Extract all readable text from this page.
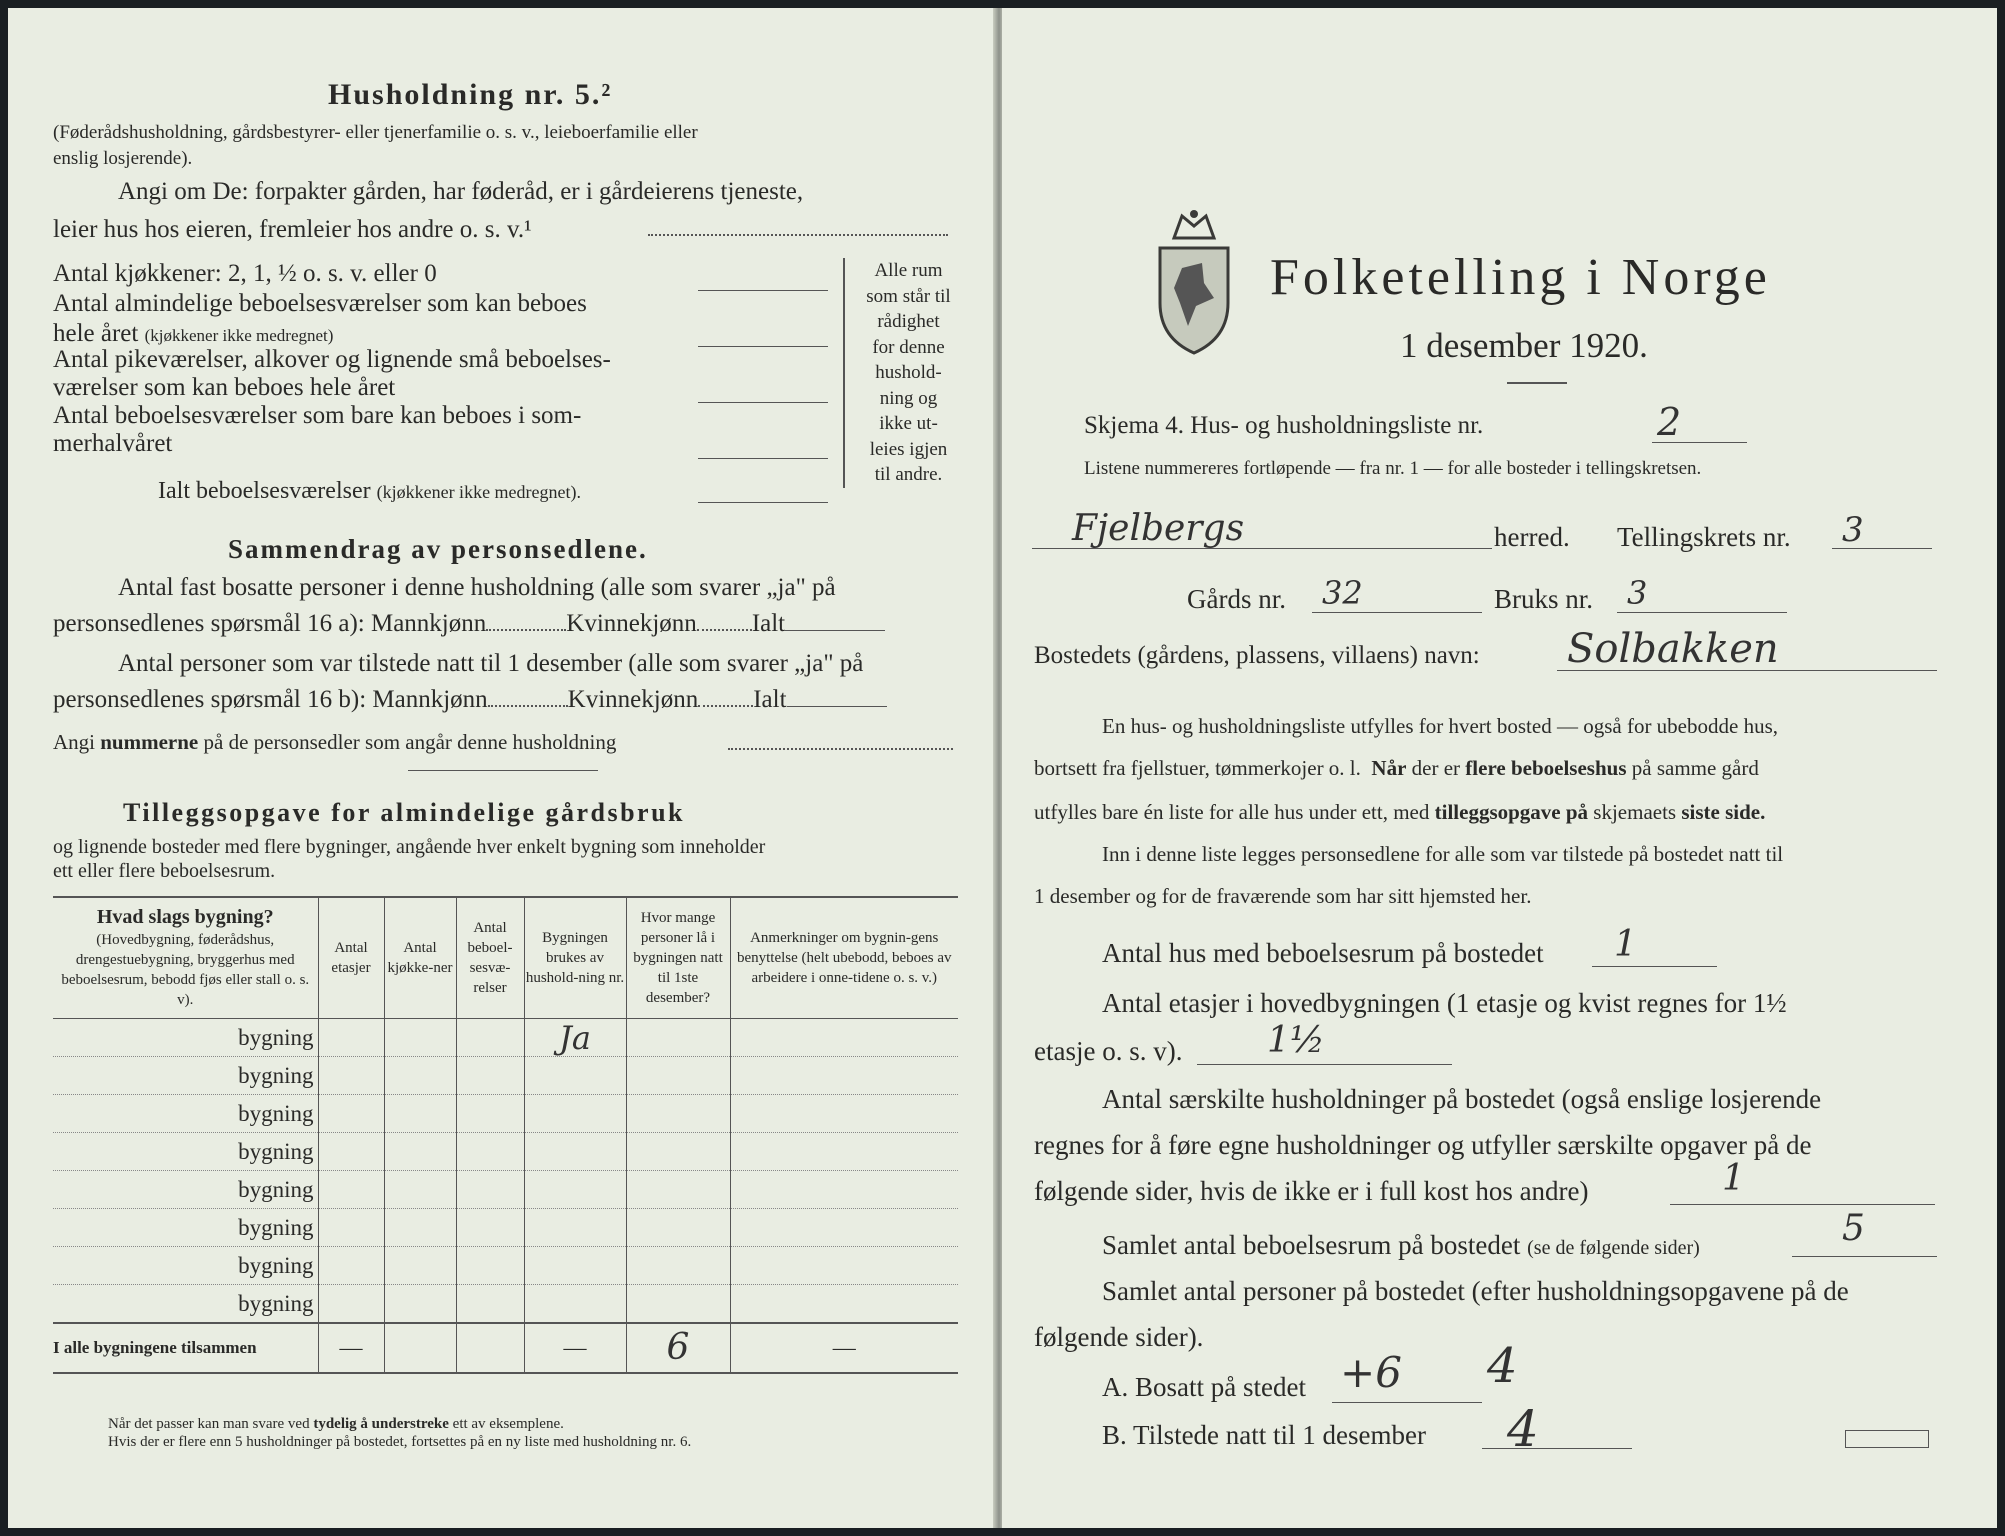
Husholdning nr. 5.²
(Føderådshusholdning, gårdsbestyrer- eller tjenerfamilie o. s. v., leieboerfamilie eller
enslig losjerende).
Angi om De: forpakter gården, har føderåd, er i gårdeierens tjeneste,
leier hus hos eieren, fremleier hos andre o. s. v.¹
Antal kjøkkener: 2, 1, ½ o. s. v. eller 0
Antal almindelige beboelsesværelser som kan beboes
hele året (kjøkkener ikke medregnet)
Antal pikeværelser, alkover og lignende små beboelses-
værelser som kan beboes hele året
Antal beboelsesværelser som bare kan beboes i som-
merhalvåret
Ialt beboelsesværelser (kjøkkener ikke medregnet).
Alle rum
som står til
rådighet
for denne
hushold-
ning og
ikke ut-
leies igjen
til andre.
Sammendrag av personsedlene.
Antal fast bosatte personer i denne husholdning (alle som svarer „ja" på
personsedlenes spørsmål 16 a): Mannkjønn	Kvinnekjønn Ialt
Antal personer som var tilstede natt til 1 desember (alle som svarer „ja" på
personsedlenes spørsmål 16 b): Mannkjønn	Kvinnekjønn Ialt
Angi nummerne på de personsedler som angår denne husholdning
Tilleggsopgave for almindelige gårdsbruk
og lignende bosteder med flere bygninger, angående hver enkelt bygning som inneholder
ett eller flere beboelsesrum.
Hvad slags bygning?
(Hovedbygning, føderådshus, drengestuebygning, bryggerhus med beboelsesrum, bebodd fjøs eller stall o. s. v).	Antal etasjer	Antal kjøkke-ner	Antal beboel-sesvæ-relser	Bygningen brukes av hushold-ning nr.	Hvor mange personer lå i bygningen natt til 1ste desember?	Anmerkninger om bygnin-gens benyttelse (helt ubebodd, beboes av arbeidere i onne-tidene o. s. v.)
bygning				Ja		
bygning						
bygning						
bygning						
bygning						
bygning						
bygning						
bygning						
I alle bygningene tilsammen	—			—	6	—
Når det passer kan man svare ved tydelig å understreke ett av eksemplene.
Hvis der er flere enn 5 husholdninger på bostedet, fortsettes på en ny liste med husholdning nr. 6.
Folketelling i Norge
1 desember 1920.
Skjema 4. Hus- og husholdningsliste nr.	2
Listene nummereres fortløpende — fra nr. 1 — for alle bosteder i tellingskretsen.
Fjelbergs	herred. Tellingskrets nr. 3
Gårds nr. 32	Bruks nr. 3
Bostedets (gårdens, plassens, villaens) navn: Solbakken
En hus- og husholdningsliste utfylles for hvert bosted — også for ubebodde hus,
bortsett fra fjellstuer, tømmerkojer o. l. Når der er flere beboelseshus på samme gård
utfylles bare én liste for alle hus under ett, med tilleggsopgave på skjemaets siste side.
Inn i denne liste legges personsedlene for alle som var tilstede på bostedet natt til
1 desember og for de fraværende som har sitt hjemsted her.
Antal hus med beboelsesrum på bostedet 1
Antal etasjer i hovedbygningen (1 etasje og kvist regnes for 1½
etasje o. s. v). 1½
Antal særskilte husholdninger på bostedet (også enslige losjerende
regnes for å føre egne husholdninger og utfyller særskilte opgaver på de
følgende sider, hvis de ikke er i full kost hos andre)	1
Samlet antal beboelsesrum på bostedet (se de følgende sider)	5
Samlet antal personer på bostedet (efter husholdningsopgavene på de
følgende sider).
A. Bosatt på stedet +6 4
B. Tilstede natt til 1 desember 4
